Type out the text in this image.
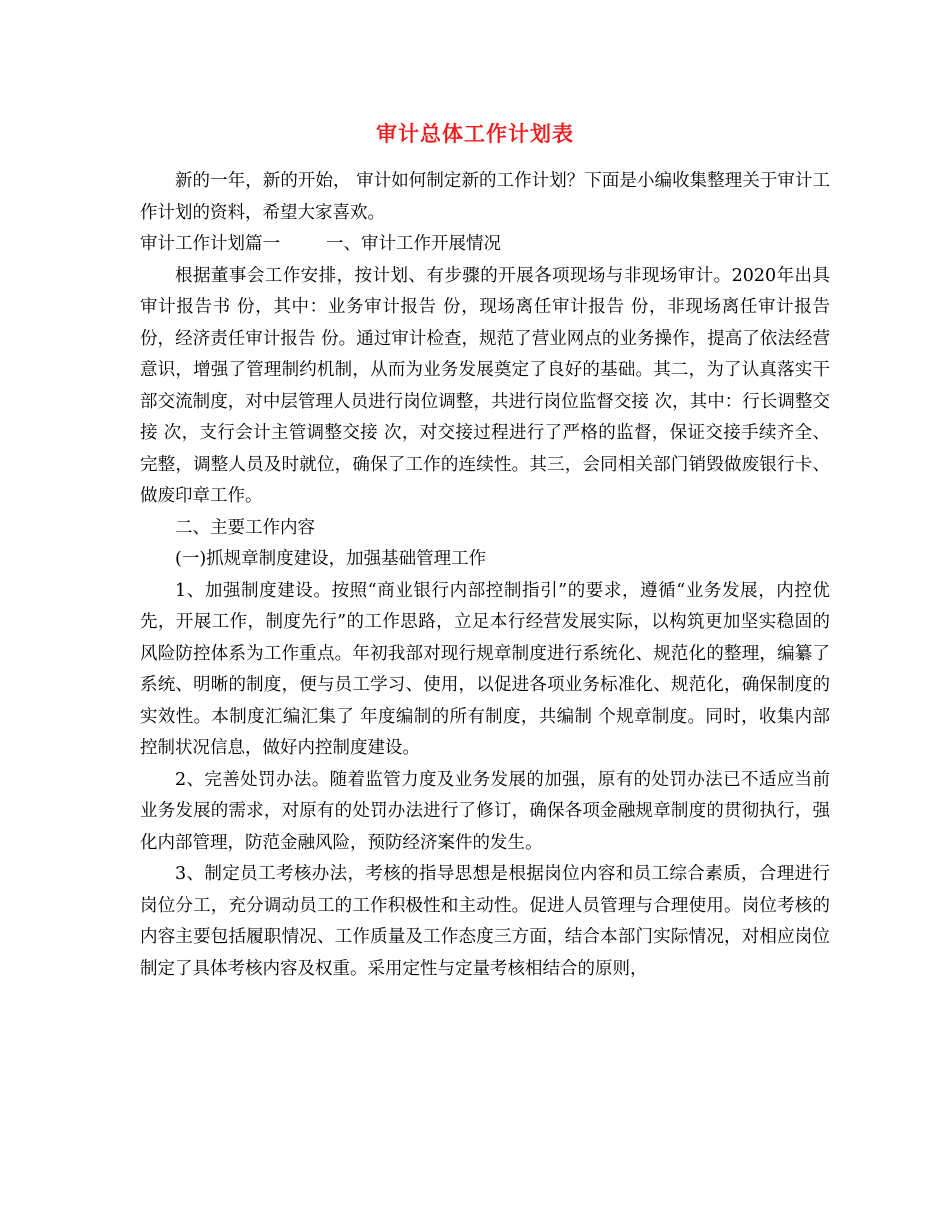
审计总体工作计划表

新的一年，新的开始， 审计如何制定新的工作计划？下面是小编收集整理关于审计工作计划的资料，希望大家喜欢。

审计工作计划篇一	一、审计工作开展情况

根据董事会工作安排，按计划、有步骤的开展各项现场与非现场审计。2020年出具审计报告书 份，其中：业务审计报告 份，现场离任审计报告 份，非现场离任审计报告 份，经济责任审计报告 份。通过审计检查，规范了营业网点的业务操作，提高了依法经营意识，增强了管理制约机制，从而为业务发展奠定了良好的基础。其二，为了认真落实干部交流制度，对中层管理人员进行岗位调整，共进行岗位监督交接 次，其中：行长调整交接 次，支行会计主管调整交接 次，对交接过程进行了严格的监督，保证交接手续齐全、完整，调整人员及时就位，确保了工作的连续性。其三，会同相关部门销毁做废银行卡、做废印章工作。

二、主要工作内容

(一)抓规章制度建设，加强基础管理工作

1、加强制度建设。按照“商业银行内部控制指引”的要求，遵循“业务发展，内控优先，开展工作，制度先行”的工作思路，立足本行经营发展实际，以构筑更加坚实稳固的风险防控体系为工作重点。年初我部对现行规章制度进行系统化、规范化的整理，编纂了系统、明晰的制度，便与员工学习、使用，以促进各项业务标准化、规范化，确保制度的实效性。本制度汇编汇集了 年度编制的所有制度，共编制 个规章制度。同时，收集内部控制状况信息，做好内控制度建设。

2、完善处罚办法。随着监管力度及业务发展的加强，原有的处罚办法已不适应当前业务发展的需求，对原有的处罚办法进行了修订，确保各项金融规章制度的贯彻执行，强化内部管理，防范金融风险，预防经济案件的发生。

3、制定员工考核办法，考核的指导思想是根据岗位内容和员工综合素质，合理进行岗位分工，充分调动员工的工作积极性和主动性。促进人员管理与合理使用。岗位考核的内容主要包括履职情况、工作质量及工作态度三方面，结合本部门实际情况，对相应岗位制定了具体考核内容及权重。采用定性与定量考核相结合的原则，
